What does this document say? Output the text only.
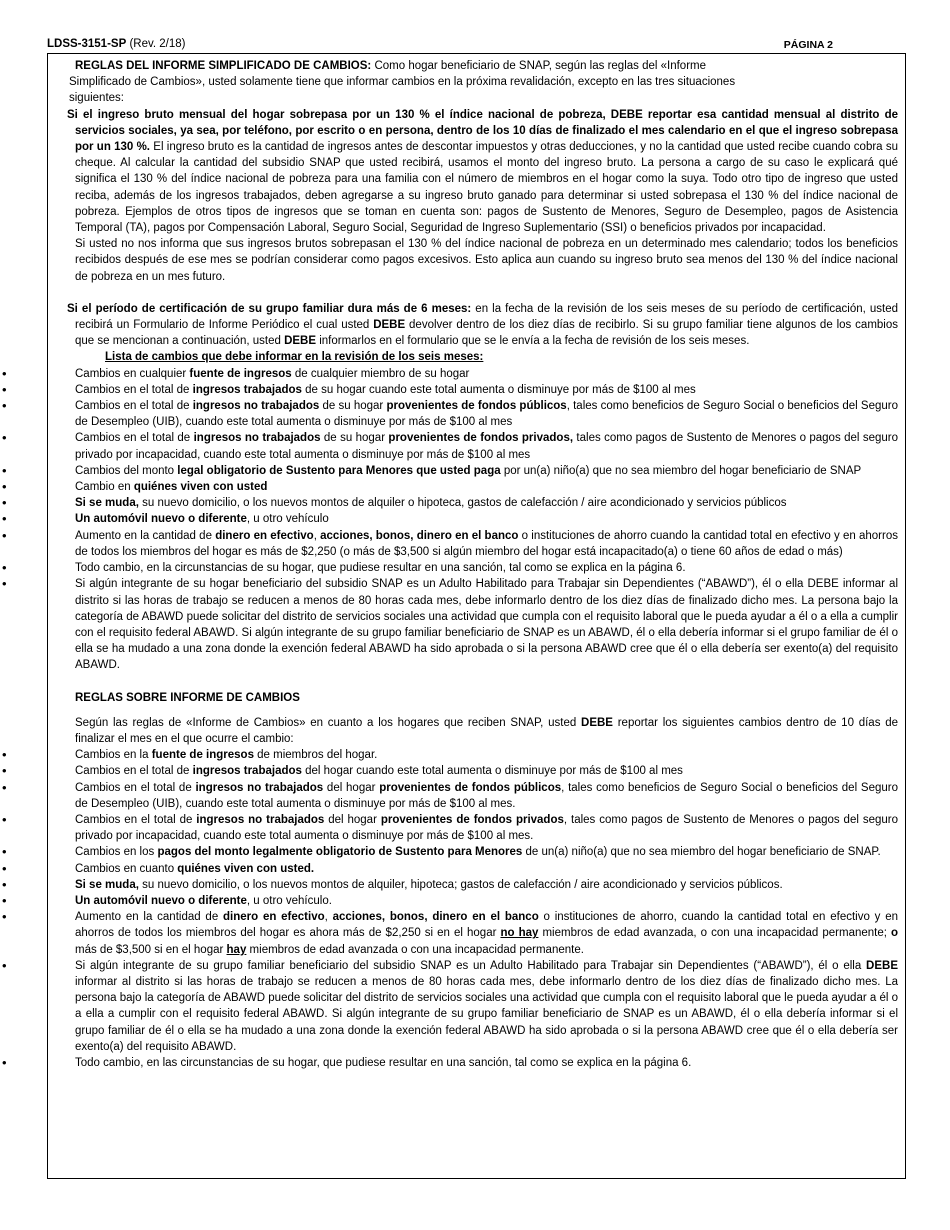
LDSS-3151-SP (Rev. 2/18)	PÁGINA 2

REGLAS DEL INFORME SIMPLIFICADO DE CAMBIOS: Como hogar beneficiario de SNAP, según las reglas del «Informe

Simplificado de Cambios», usted solamente tiene que informar cambios en la próxima revalidación, excepto en las tres situaciones siguientes:

• Si el ingreso bruto mensual del hogar sobrepasa por un 130 % el índice nacional de pobreza, DEBE reportar esa cantidad mensual al distrito de servicios sociales, ya sea, por teléfono, por escrito o en persona, dentro de los 10 días de finalizado el mes calendario en el que el ingreso sobrepasa por un 130 %. El ingreso bruto es la cantidad de ingresos antes de descontar impuestos y otras deducciones, y no la cantidad que usted recibe cuando cobra su cheque. Al calcular la cantidad del subsidio SNAP que usted recibirá, usamos el monto del ingreso bruto. La persona a cargo de su caso le explicará qué significa el 130 % del índice nacional de pobreza para una familia con el número de miembros en el hogar como la suya. Todo otro tipo de ingreso que usted reciba, además de los ingresos trabajados, deben agregarse a su ingreso bruto ganado para determinar si usted sobrepasa el 130 % del índice nacional de pobreza. Ejemplos de otros tipos de ingresos que se toman en cuenta son: pagos de Sustento de Menores, Seguro de Desempleo, pagos de Asistencia Temporal (TA), pagos por Compensación Laboral, Seguro Social, Seguridad de Ingreso Suplementario (SSI) o beneficios privados por incapacidad.

Si usted no nos informa que sus ingresos brutos sobrepasan el 130 % del índice nacional de pobreza en un determinado mes calendario; todos los beneficios recibidos después de ese mes se podrían considerar como pagos excesivos. Esto aplica aun cuando su ingreso bruto sea menos del 130 % del índice nacional de pobreza en un mes futuro.

• Si el período de certificación de su grupo familiar dura más de 6 meses: en la fecha de la revisión de los seis meses de su período de certificación, usted recibirá un Formulario de Informe Periódico el cual usted DEBE devolver dentro de los diez días de recibirlo. Si su grupo familiar tiene algunos de los cambios que se mencionan a continuación, usted DEBE informarlos en el formulario que se le envía a la fecha de revisión de los seis meses.

Lista de cambios que debe informar en la revisión de los seis meses:

• Cambios en cualquier fuente de ingresos de cualquier miembro de su hogar

• Cambios en el total de ingresos trabajados de su hogar cuando este total aumenta o disminuye por más de $100 al mes

• Cambios en el total de ingresos no trabajados de su hogar provenientes de fondos públicos, tales como beneficios de Seguro Social o beneficios del Seguro de Desempleo (UIB), cuando este total aumenta o disminuye por más de $100 al mes

• Cambios en el total de ingresos no trabajados de su hogar provenientes de fondos privados, tales como pagos de Sustento de Menores o pagos del seguro privado por incapacidad, cuando este total aumenta o disminuye por más de $100 al mes

• Cambios del monto legal obligatorio de Sustento para Menores que usted paga por un(a) niño(a) que no sea miembro del hogar beneficiario de SNAP

• Cambio en quiénes viven con usted

• Si se muda, su nuevo domicilio, o los nuevos montos de alquiler o hipoteca, gastos de calefacción / aire acondicionado y servicios públicos

• Un automóvil nuevo o diferente, u otro vehículo

• Aumento en la cantidad de dinero en efectivo, acciones, bonos, dinero en el banco o instituciones de ahorro cuando la cantidad total en efectivo y en ahorros de todos los miembros del hogar es más de $2,250 (o más de $3,500 si algún miembro del hogar está incapacitado(a) o tiene 60 años de edad o más)

• Todo cambio, en la circunstancias de su hogar, que pudiese resultar en una sanción, tal como se explica en la página 6.

• Si algún integrante de su hogar beneficiario del subsidio SNAP es un Adulto Habilitado para Trabajar sin Dependientes (“ABAWD”), él o ella DEBE informar al distrito si las horas de trabajo se reducen a menos de 80 horas cada mes, debe informarlo dentro de los diez días de finalizado dicho mes. La persona bajo la categoría de ABAWD puede solicitar del distrito de servicios sociales una actividad que cumpla con el requisito laboral que le pueda ayudar a él o a ella a cumplir con el requisito federal ABAWD. Si algún integrante de su grupo familiar beneficiario de SNAP es un ABAWD, él o ella debería informar si el grupo familiar de él o ella se ha mudado a una zona donde la exención federal ABAWD ha sido aprobada o si la persona ABAWD cree que él o ella debería ser exento(a) del requisito ABAWD.

REGLAS SOBRE INFORME DE CAMBIOS

Según las reglas de «Informe de Cambios» en cuanto a los hogares que reciben SNAP, usted DEBE reportar los siguientes cambios dentro de 10 días de finalizar el mes en el que ocurre el cambio:

• Cambios en la fuente de ingresos de miembros del hogar.

• Cambios en el total de ingresos trabajados del hogar cuando este total aumenta o disminuye por más de $100 al mes

• Cambios en el total de ingresos no trabajados del hogar provenientes de fondos públicos, tales como beneficios de Seguro Social o beneficios del Seguro de Desempleo (UIB), cuando este total aumenta o disminuye por más de $100 al mes.

• Cambios en el total de ingresos no trabajados del hogar provenientes de fondos privados, tales como pagos de Sustento de Menores o pagos del seguro privado por incapacidad, cuando este total aumenta o disminuye por más de $100 al mes.

• Cambios en los pagos del monto legalmente obligatorio de Sustento para Menores de un(a) niño(a) que no sea miembro del hogar beneficiario de SNAP.

• Cambios en cuanto quiénes viven con usted.

• Si se muda, su nuevo domicilio, o los nuevos montos de alquiler, hipoteca; gastos de calefacción / aire acondicionado y servicios públicos.

• Un automóvil nuevo o diferente, u otro vehículo.

• Aumento en la cantidad de dinero en efectivo, acciones, bonos, dinero en el banco o instituciones de ahorro, cuando la cantidad total en efectivo y en ahorros de todos los miembros del hogar es ahora más de $2,250 si en el hogar no hay miembros de edad avanzada, o con una incapacidad permanente; o más de $3,500 si en el hogar hay miembros de edad avanzada o con una incapacidad permanente.

• Si algún integrante de su grupo familiar beneficiario del subsidio SNAP es un Adulto Habilitado para Trabajar sin Dependientes (“ABAWD”), él o ella DEBE informar al distrito si las horas de trabajo se reducen a menos de 80 horas cada mes, debe informarlo dentro de los diez días de finalizado dicho mes. La persona bajo la categoría de ABAWD puede solicitar del distrito de servicios sociales una actividad que cumpla con el requisito laboral que le pueda ayudar a él o a ella a cumplir con el requisito federal ABAWD. Si algún integrante de su grupo familiar beneficiario de SNAP es un ABAWD, él o ella debería informar si el grupo familiar de él o ella se ha mudado a una zona donde la exención federal ABAWD ha sido aprobada o si la persona ABAWD cree que él o ella debería ser exento(a) del requisito ABAWD.

• Todo cambio, en las circunstancias de su hogar, que pudiese resultar en una sanción, tal como se explica en la página 6.
